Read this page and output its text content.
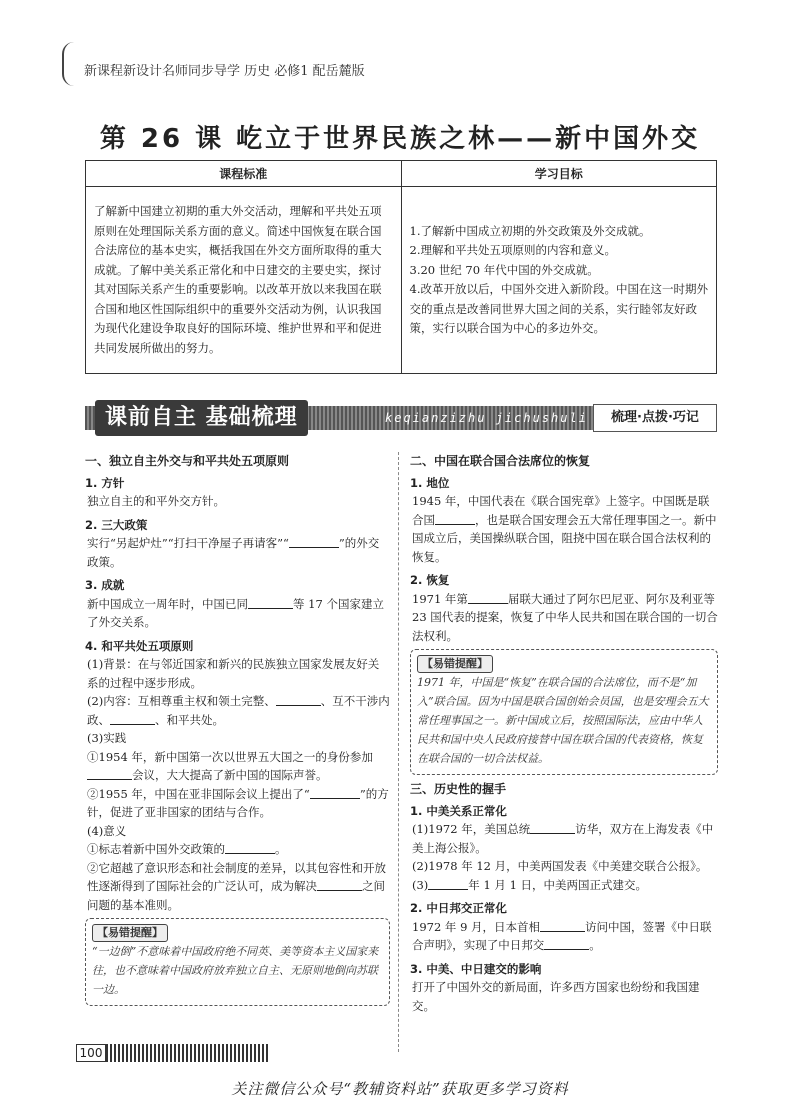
新课程新设计名师同步导学 历史 必修1 配岳麓版
第 26 课 屹立于世界民族之林——新中国外交
课程标准	学习目标
了解新中国建立初期的重大外交活动，理解和平共处五项原则在处理国际关系方面的意义。简述中国恢复在联合国合法席位的基本史实，概括我国在外交方面所取得的重大成就。了解中美关系正常化和中日建交的主要史实，探讨其对国际关系产生的重要影响。以改革开放以来我国在联合国和地区性国际组织中的重要外交活动为例，认识我国为现代化建设争取良好的国际环境、维护世界和平和促进共同发展所做出的努力。	1.了解新中国成立初期的外交政策及外交成就。
2.理解和平共处五项原则的内容和意义。
3.20 世纪 70 年代中国的外交成就。
4.改革开放以后，中国外交进入新阶段。中国在这一时期外交的重点是改善同世界大国之间的关系，实行睦邻友好政策，实行以联合国为中心的多边外交。
课前自主 基础梳理	keqianzizhu jichushuli	梳理·点拨·巧记
一、独立自主外交与和平共处五项原则
1. 方针
独立自主的和平外交方针。
2. 三大政策
实行“另起炉灶”“打扫干净屋子再请客”“	”的外交政策。
3. 成就
新中国成立一周年时，中国已同	等 17 个国家建立了外交关系。
4. 和平共处五项原则
(1)背景：在与邻近国家和新兴的民族独立国家发展友好关系的过程中逐步形成。
(2)内容：互相尊重主权和领土完整、	、互不干涉内政、	、和平共处。
(3)实践
①1954 年，新中国第一次以世界五大国之一的身份参加会议，大大提高了新中国的国际声誉。
②1955 年，中国在亚非国际会议上提出了“	”的方针，促进了亚非国家的团结与合作。
(4)意义
①标志着新中国外交政策的	。
②它超越了意识形态和社会制度的差异，以其包容性和开放性逐渐得到了国际社会的广泛认可，成为解决	之间问题的基本准则。
【易错提醒】
“一边倒”不意味着中国政府绝不同英、美等资本主义国家来往，也不意味着中国政府放弃独立自主、无原则地倒向苏联一边。
二、中国在联合国合法席位的恢复
1. 地位
1945 年，中国代表在《联合国宪章》上签字。中国既是联合国	，也是联合国安理会五大常任理事国之一。新中国成立后，美国操纵联合国，阻挠中国在联合国合法权利的恢复。
2. 恢复
1971 年第	届联大通过了阿尔巴尼亚、阿尔及利亚等 23 国代表的提案，恢复了中华人民共和国在联合国的一切合法权利。
【易错提醒】
1971 年，中国是“恢复”在联合国的合法席位，而不是“加入”联合国。因为中国是联合国创始会员国，也是安理会五大常任理事国之一。新中国成立后，按照国际法，应由中华人民共和国中央人民政府接替中国在联合国的代表资格，恢复在联合国的一切合法权益。
三、历史性的握手
1. 中美关系正常化
(1)1972 年，美国总统	访华，双方在上海发表《中美上海公报》。
(2)1978 年 12 月，中美两国发表《中美建交联合公报》。
(3)	年 1 月 1 日，中美两国正式建交。
2. 中日邦交正常化
1972 年 9 月，日本首相	访问中国，签署《中日联合声明》，实现了中日邦交	。
3. 中美、中日建交的影响
打开了中国外交的新局面，许多西方国家也纷纷和我国建交。
100
关注微信公众号“教辅资料站”获取更多学习资料
